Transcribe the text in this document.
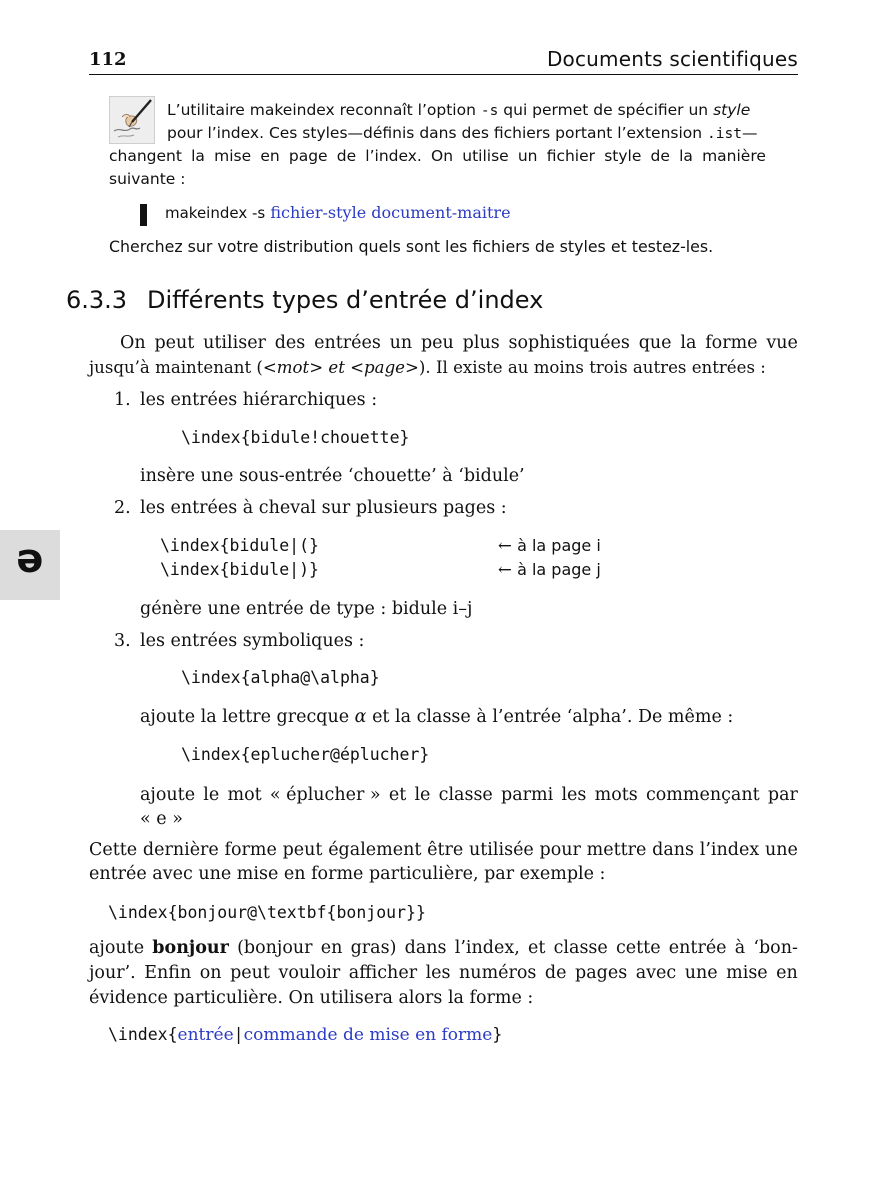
112	Documents scientifiques
ə
L’utilitaire makeindex reconnaît l’option -s qui permet de spécifier un style
pour l’index. Ces styles—définis dans des fichiers portant l’extension .ist—
changent la mise en page de l’index. On utilise un fichier style de la manière
suivante :
makeindex -s fichier-style document-maitre
Cherchez sur votre distribution quels sont les fichiers de styles et testez-les.
6.3.3 Différents types d’entrée d’index
On peut utiliser des entrées un peu plus sophistiquées que la forme vue
jusqu’à maintenant (<mot> et <page>). Il existe au moins trois autres entrées :
1. les entrées hiérarchiques :
\index{bidule!chouette}
insère une sous-entrée ‘chouette’ à ‘bidule’
2. les entrées à cheval sur plusieurs pages :
\index{bidule|(}
\index{bidule|)}
← à la page i
← à la page j
génère une entrée de type : bidule i–j
3. les entrées symboliques :
\index{alpha@\alpha}
ajoute la lettre grecque α et la classe à l’entrée ‘alpha’. De même :
\index{eplucher@éplucher}
ajoute le mot « éplucher » et le classe parmi les mots commençant par
« e »
Cette dernière forme peut également être utilisée pour mettre dans l’index une
entrée avec une mise en forme particulière, par exemple :
\index{bonjour@\textbf{bonjour}}
ajoute bonjour (bonjour en gras) dans l’index, et classe cette entrée à ‘bon-
jour’. Enfin on peut vouloir afficher les numéros de pages avec une mise en
évidence particulière. On utilisera alors la forme :
\index{entrée|commande de mise en forme}
